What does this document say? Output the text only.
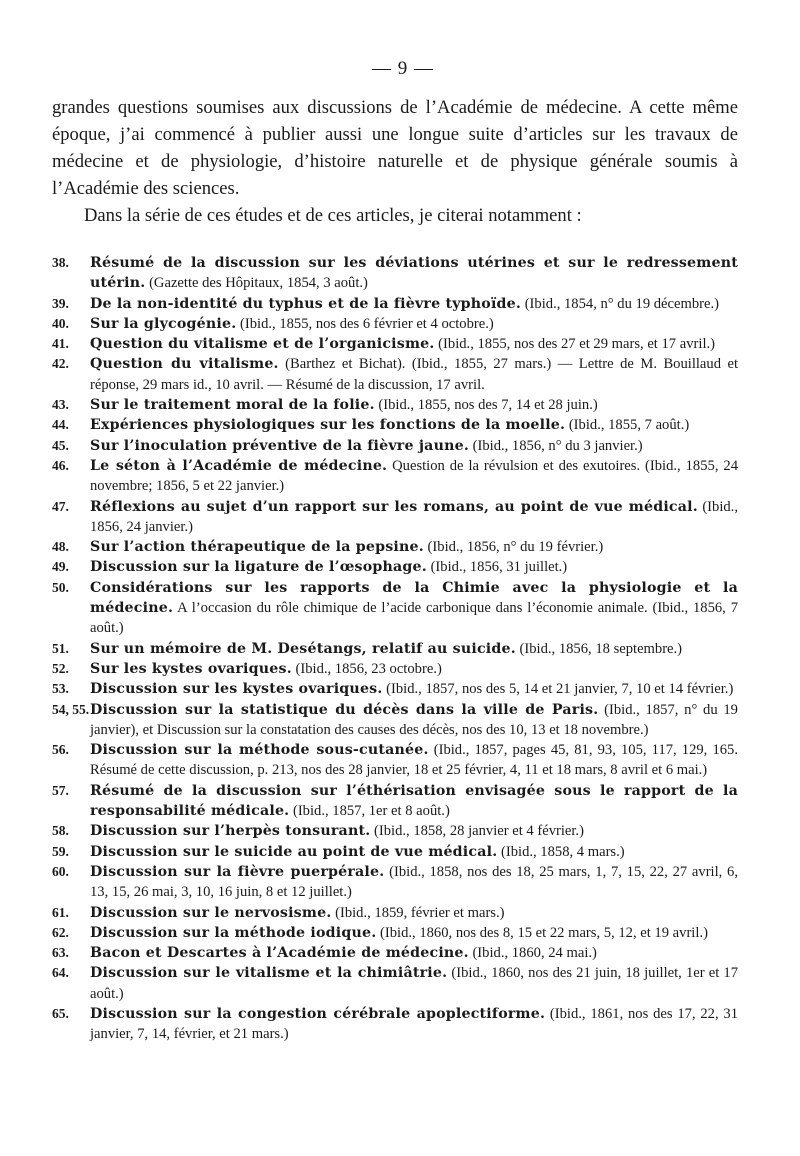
— 9 —

grandes questions soumises aux discussions de l’Académie de médecine. A cette même époque, j’ai commencé à publier aussi une longue suite d’articles sur les travaux de médecine et de physiologie, d’histoire naturelle et de physique générale soumis à l’Académie des sciences.

Dans la série de ces études et de ces articles, je citerai notamment :

38.	Résumé de la discussion sur les déviations utérines et sur le redressement utérin. (Gazette des Hôpitaux, 1854, 3 août.)
39.	De la non-identité du typhus et de la fièvre typhoïde. (Ibid., 1854, n° du 19 décembre.)
40.	Sur la glycogénie. (Ibid., 1855, nos des 6 février et 4 octobre.)
41.	Question du vitalisme et de l’organicisme. (Ibid., 1855, nos des 27 et 29 mars, et 17 avril.)
42.	Question du vitalisme. (Barthez et Bichat). (Ibid., 1855, 27 mars.) — Lettre de M. Bouillaud et réponse, 29 mars id., 10 avril. — Résumé de la discussion, 17 avril.
43.	Sur le traitement moral de la folie. (Ibid., 1855, nos des 7, 14 et 28 juin.)
44.	Expériences physiologiques sur les fonctions de la moelle. (Ibid., 1855, 7 août.)
45.	Sur l’inoculation préventive de la fièvre jaune. (Ibid., 1856, n° du 3 janvier.)
46.	Le séton à l’Académie de médecine. Question de la révulsion et des exutoires. (Ibid., 1855, 24 novembre; 1856, 5 et 22 janvier.)
47.	Réflexions au sujet d’un rapport sur les romans, au point de vue médical. (Ibid., 1856, 24 janvier.)
48.	Sur l’action thérapeutique de la pepsine. (Ibid., 1856, n° du 19 février.)
49.	Discussion sur la ligature de l’œsophage. (Ibid., 1856, 31 juillet.)
50.	Considérations sur les rapports de la Chimie avec la physiologie et la médecine. A l’occasion du rôle chimique de l’acide carbonique dans l’économie animale. (Ibid., 1856, 7 août.)
51.	Sur un mémoire de M. Desétangs, relatif au suicide. (Ibid., 1856, 18 septembre.)
52.	Sur les kystes ovariques. (Ibid., 1856, 23 octobre.)
53.	Discussion sur les kystes ovariques. (Ibid., 1857, nos des 5, 14 et 21 janvier, 7, 10 et 14 février.)
54, 55. Discussion sur la statistique du décès dans la ville de Paris. (Ibid., 1857, n° du 19 janvier), et Discussion sur la constatation des causes des décès, nos des 10, 13 et 18 novembre.)
56.	Discussion sur la méthode sous-cutanée. (Ibid., 1857, pages 45, 81, 93, 105, 117, 129, 165. Résumé de cette discussion, p. 213, nos des 28 janvier, 18 et 25 février, 4, 11 et 18 mars, 8 avril et 6 mai.)
57.	Résumé de la discussion sur l’éthérisation envisagée sous le rapport de la responsabilité médicale. (Ibid., 1857, 1er et 8 août.)
58.	Discussion sur l’herpès tonsurant. (Ibid., 1858, 28 janvier et 4 février.)
59.	Discussion sur le suicide au point de vue médical. (Ibid., 1858, 4 mars.)
60.	Discussion sur la fièvre puerpérale. (Ibid., 1858, nos des 18, 25 mars, 1, 7, 15, 22, 27 avril, 6, 13, 15, 26 mai, 3, 10, 16 juin, 8 et 12 juillet.)
61.	Discussion sur le nervosisme. (Ibid., 1859, février et mars.)
62.	Discussion sur la méthode iodique. (Ibid., 1860, nos des 8, 15 et 22 mars, 5, 12, et 19 avril.)
63.	Bacon et Descartes à l’Académie de médecine. (Ibid., 1860, 24 mai.)
64.	Discussion sur le vitalisme et la chimiâtrie. (Ibid., 1860, nos des 21 juin, 18 juillet, 1er et 17 août.)
65.	Discussion sur la congestion cérébrale apoplectiforme. (Ibid., 1861, nos des 17, 22, 31 janvier, 7, 14, février, et 21 mars.)
